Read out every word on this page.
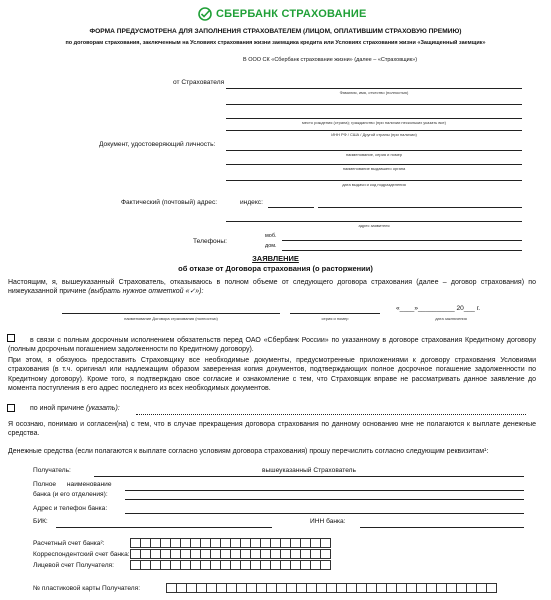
СБЕРБАНК СТРАХОВАНИЕ
ФОРМА ПРЕДУСМОТРЕНА ДЛЯ ЗАПОЛНЕНИЯ СТРАХОВАТЕЛЕМ (ЛИЦОМ, ОПЛАТИВШИМ СТРАХОВУЮ ПРЕМИЮ)
по договорам страхования, заключенным на Условиях страхования жизни заемщика кредита или Условиях страхования жизни «Защищенный заемщик»
В ООО СК «Сбербанк страхование жизни» (далее – «Страховщик»)
от Страхователя
Фамилия, имя, отчество (полностью)
место рождения (страна); гражданство (при наличии нескольких указать все)
ИНН РФ / США / Другой страны (при наличии)
Документ, удостоверяющий личность:
наименование, серия и номер
наименование выдавшего органа
дата выдачи и код подразделения
Фактический (почтовый) адрес:	индекс:
адрес заявителя
Телефоны:
моб.
дом.
ЗАЯВЛЕНИЕ
об отказе от Договора страхования (о расторжении)
Настоящим, я, вышеуказанный Страхователь, отказываюсь в полном объеме от следующего договора страхования (далее – договор страхования) по нижеуказанной причине (выбрать нужное отметкой «✓»):
наименование Договора страхования (полностью)	серия и номер
«____»__________ 20___ г.
дата заключения
в связи с полным досрочным исполнением обязательств перед ОАО «Сбербанк России» по указанному в договоре страхования Кредитному договору (полным досрочным погашением задолженности по Кредитному договору).
При этом, я обязуюсь предоставить Страховщику все необходимые документы, предусмотренные приложениями к договору страхования Условиями страхования (в т.ч. оригинал или надлежащим образом заверенная копия документов, подтверждающих полное досрочное погашение задолженности по Кредитному договору). Кроме того, я подтверждаю свое согласие и ознакомление с тем, что Страховщик вправе не рассматривать данное заявление до момента поступления в его адрес последнего из всех необходимых документов.
по иной причине (указать):
Я осознаю, понимаю и согласен(на) с тем, что в случае прекращения договора страхования по данному основанию мне не полагаются к выплате денежные средства.
Денежные средства (если полагаются к выплате согласно условиям договора страхования) прошу перечислить согласно следующим реквизитам¹:
Получатель:	вышеуказанный Страхователь
Полное наименование
банка (и его отделения):
Адрес и телефон банка:
БИК:	ИНН банка:
Расчетный счет банка²:
Корреспондентский счет банка:
Лицевой счет Получателя:
№ пластиковой карты Получателя:
